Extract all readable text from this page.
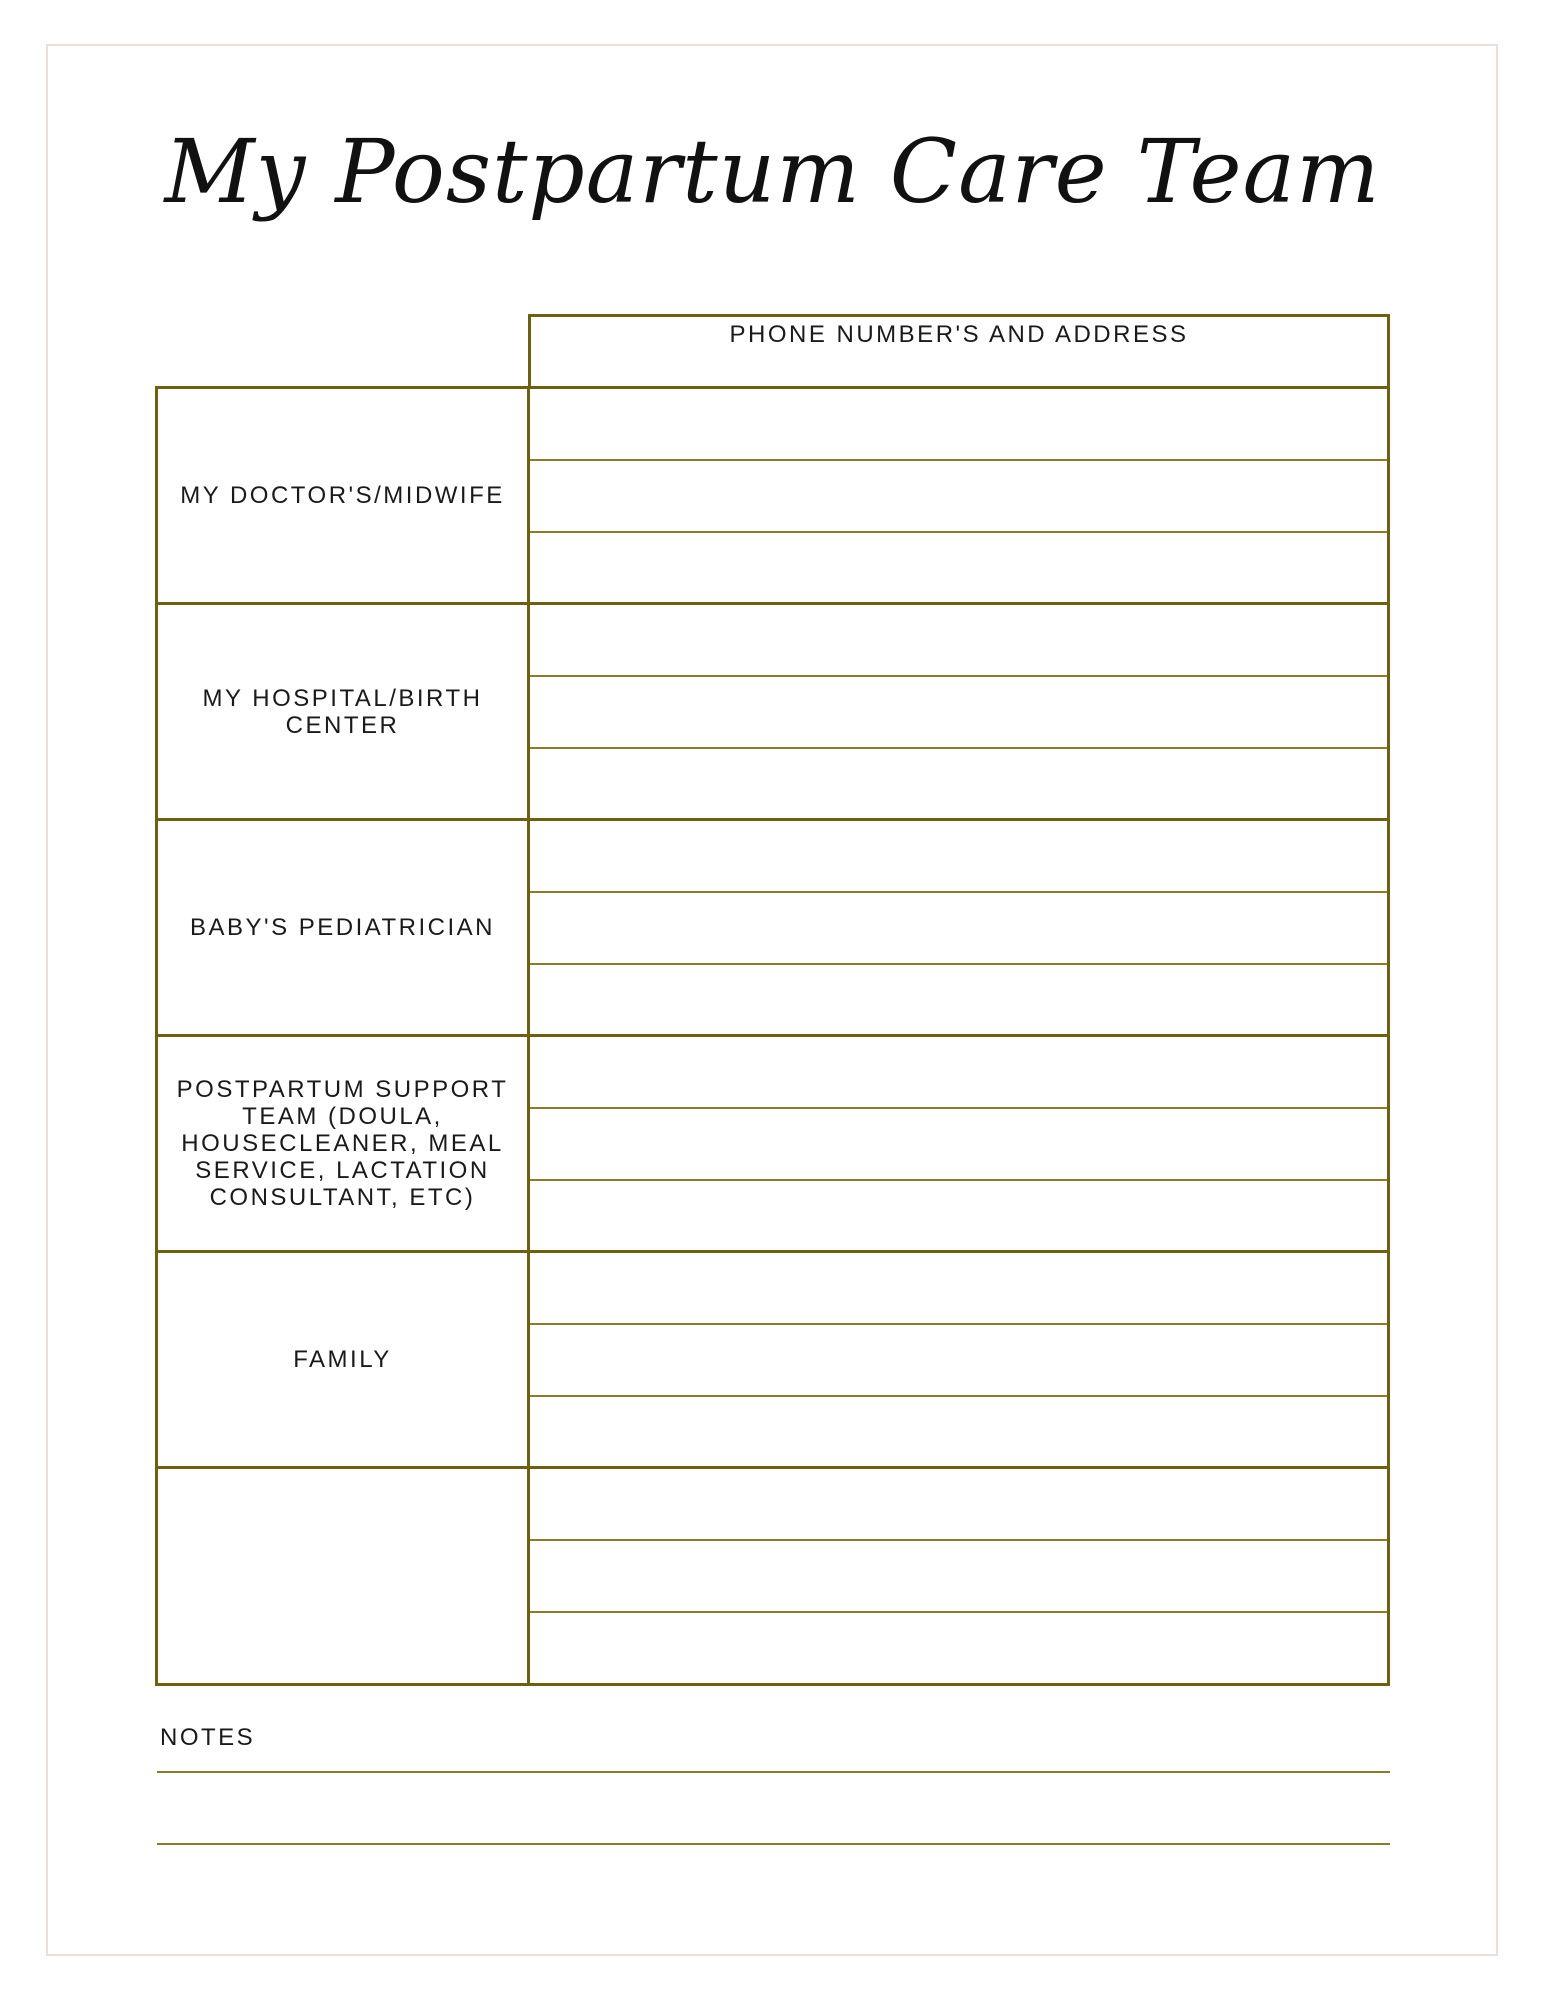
My Postpartum Care Team
PHONE NUMBER'S AND ADDRESS
MY DOCTOR'S/MIDWIFE
MY HOSPITAL/BIRTH CENTER
BABY'S PEDIATRICIAN
POSTPARTUM SUPPORT TEAM (DOULA, HOUSECLEANER, MEAL SERVICE, LACTATION CONSULTANT, ETC)
FAMILY
NOTES
